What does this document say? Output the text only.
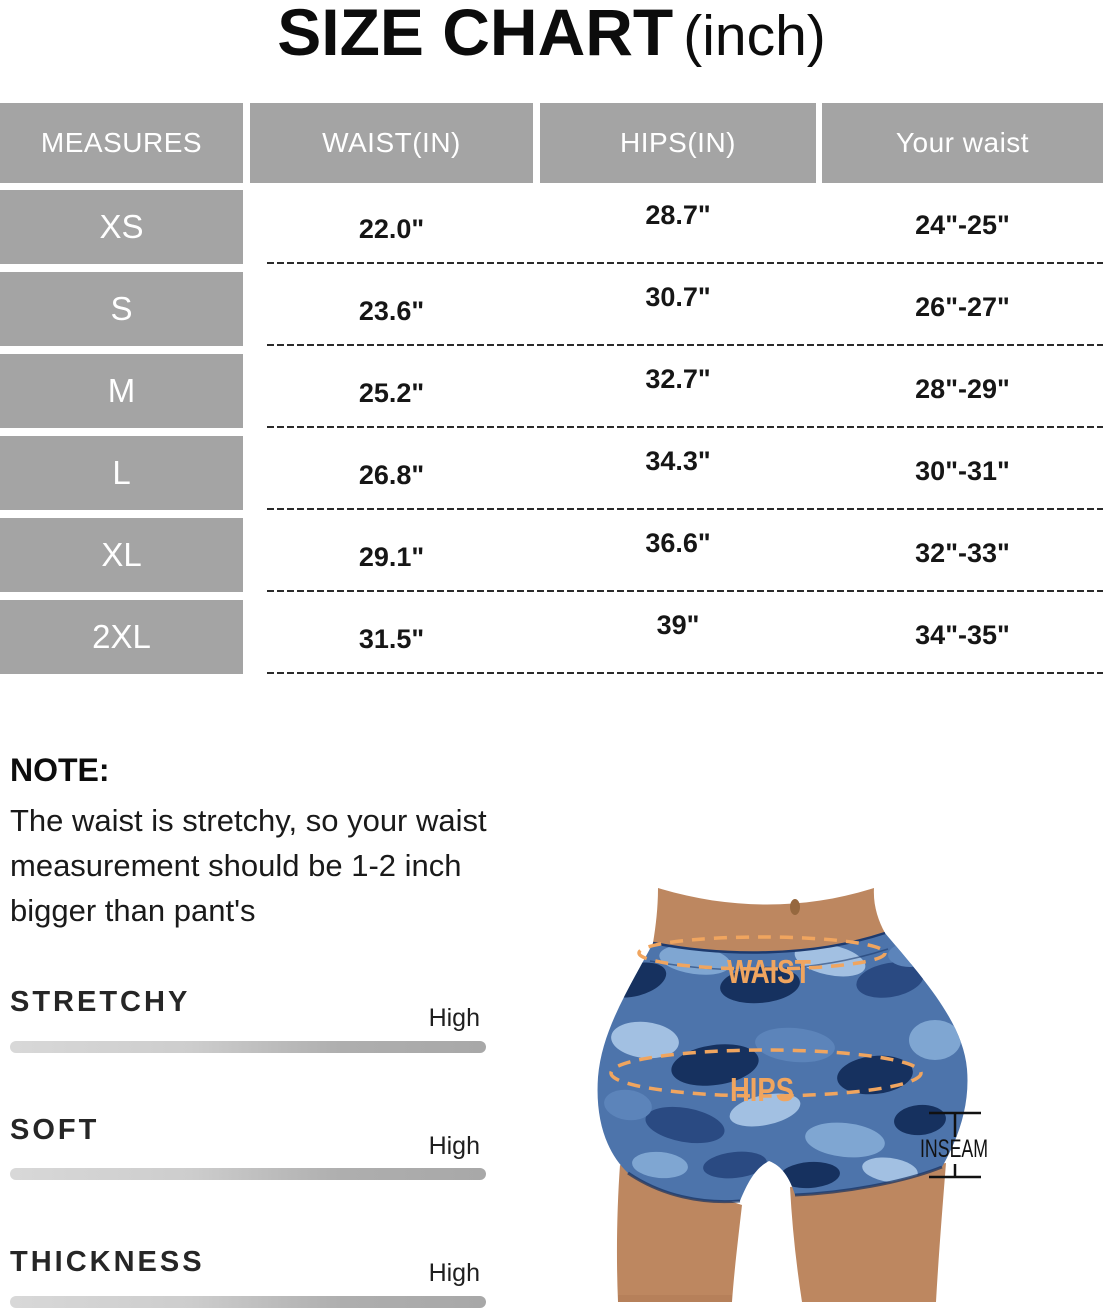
SIZE CHART (inch)
MEASURES	WAIST(IN)	HIPS(IN)	Your waist
XS	22.0"	28.7"	24"-25"
S	23.6"	30.7"	26"-27"
M	25.2"	32.7"	28"-29"
L	26.8"	34.3"	30"-31"
XL	29.1"	36.6"	32"-33"
2XL	31.5"	39"	34"-35"
NOTE:
The waist is stretchy, so your waist
measurement should be 1-2 inch
bigger than pant's
STRETCHY	High
SOFT	High
THICKNESS	High
WAIST
HIPS
INSEAM
